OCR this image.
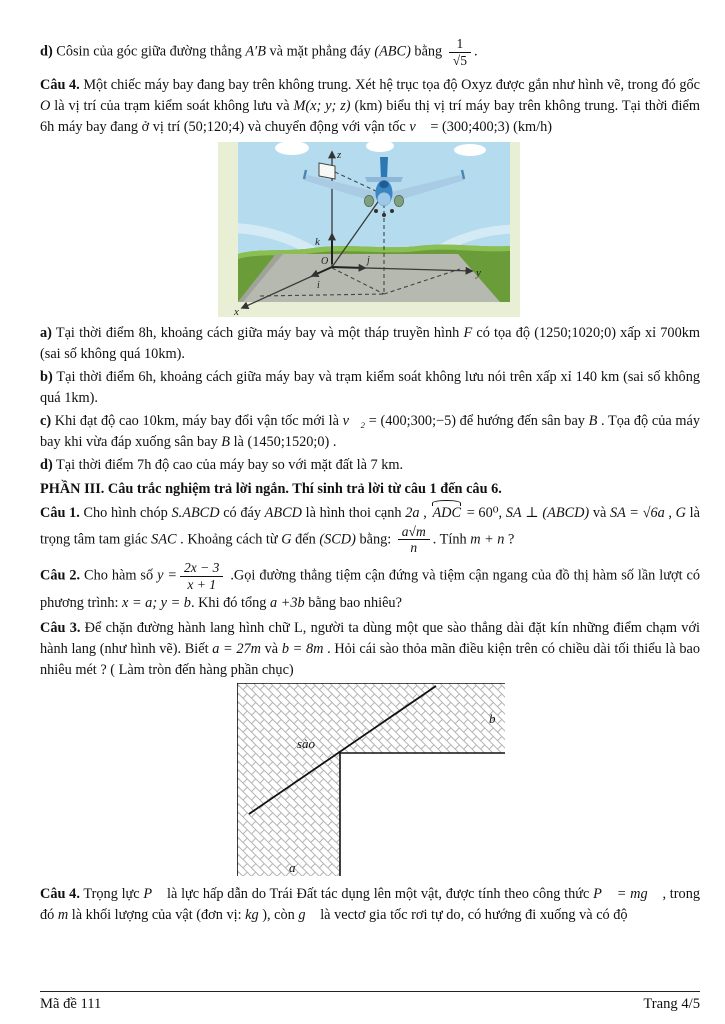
d) Côsin của góc giữa đường thẳng A′B và mặt phẳng đáy (ABC) bằng $\frac{1}{√5}$ .

Câu 4. Một chiếc máy bay đang bay trên không trung. Xét hệ trục tọa độ Oxyz được gắn như hình vẽ, trong đó gốc O là vị trí của trạm kiểm soát không lưu và M(x; y; z) (km) biểu thị vị trí máy bay trên không trung. Tại thời điểm 6h máy bay đang ở vị trí (50;120;4) và chuyển động với vận tốc v⃗ = (300;400;3) (km/h)

z
x
y
O
k⃗
i⃗
j⃗

a) Tại thời điểm 8h, khoảng cách giữa máy bay và một tháp truyền hình F có tọa độ (1250;1020;0) xấp xỉ 700km (sai số không quá 10km).

b) Tại thời điểm 6h, khoảng cách giữa máy bay và trạm kiểm soát không lưu nói trên xấp xỉ 140 km (sai số không quá 1km).

c) Khi đạt độ cao 10km, máy bay đổi vận tốc mới là v⃗₂ = (400;300;−5) để hướng đến sân bay B . Tọa độ của máy bay khi vừa đáp xuống sân bay B là (1450;1520;0) .

d) Tại thời điểm 7h độ cao của máy bay so với mặt đất là 7 km.

PHẦN III. Câu trắc nghiệm trả lời ngắn. Thí sinh trả lời từ câu 1 đến câu 6.

Câu 1. Cho hình chóp S.ABCD có đáy ABCD là hình thoi cạnh 2a , ADC = 60⁰, SA ⊥ (ABCD) và SA = √6a , G là trọng tâm tam giác SAC . Khoảng cách từ G đến (SCD) bằng: $\frac{a√m}{n}$ . Tính m + n ?

Câu 2. Cho hàm số $y = \frac{2x - 3}{x + 1}$ .Gọi đường thẳng tiệm cận đứng và tiệm cận ngang của đồ thị hàm số lần lượt có phương trình: x = a; y = b. Khi đó tổng a +3b bằng bao nhiêu?

Câu 3. Để chặn đường hành lang hình chữ L, người ta dùng một que sào thẳng dài đặt kín những điểm chạm với hành lang (như hình vẽ). Biết a = 27m và b = 8m . Hỏi cái sào thỏa mãn điều kiện trên có chiều dài tối thiểu là bao nhiêu mét ? ( Làm tròn đến hàng phần chục)

sào
a
b

Câu 4. Trọng lực P⃗ là lực hấp dẫn do Trái Đất tác dụng lên một vật, được tính theo công thức P⃗ = mg⃗ , trong đó m là khối lượng của vật (đơn vị: kg ), còn g⃗ là vectơ gia tốc rơi tự do, có hướng đi xuống và có độ

Mã đề 111	Trang 4/5
